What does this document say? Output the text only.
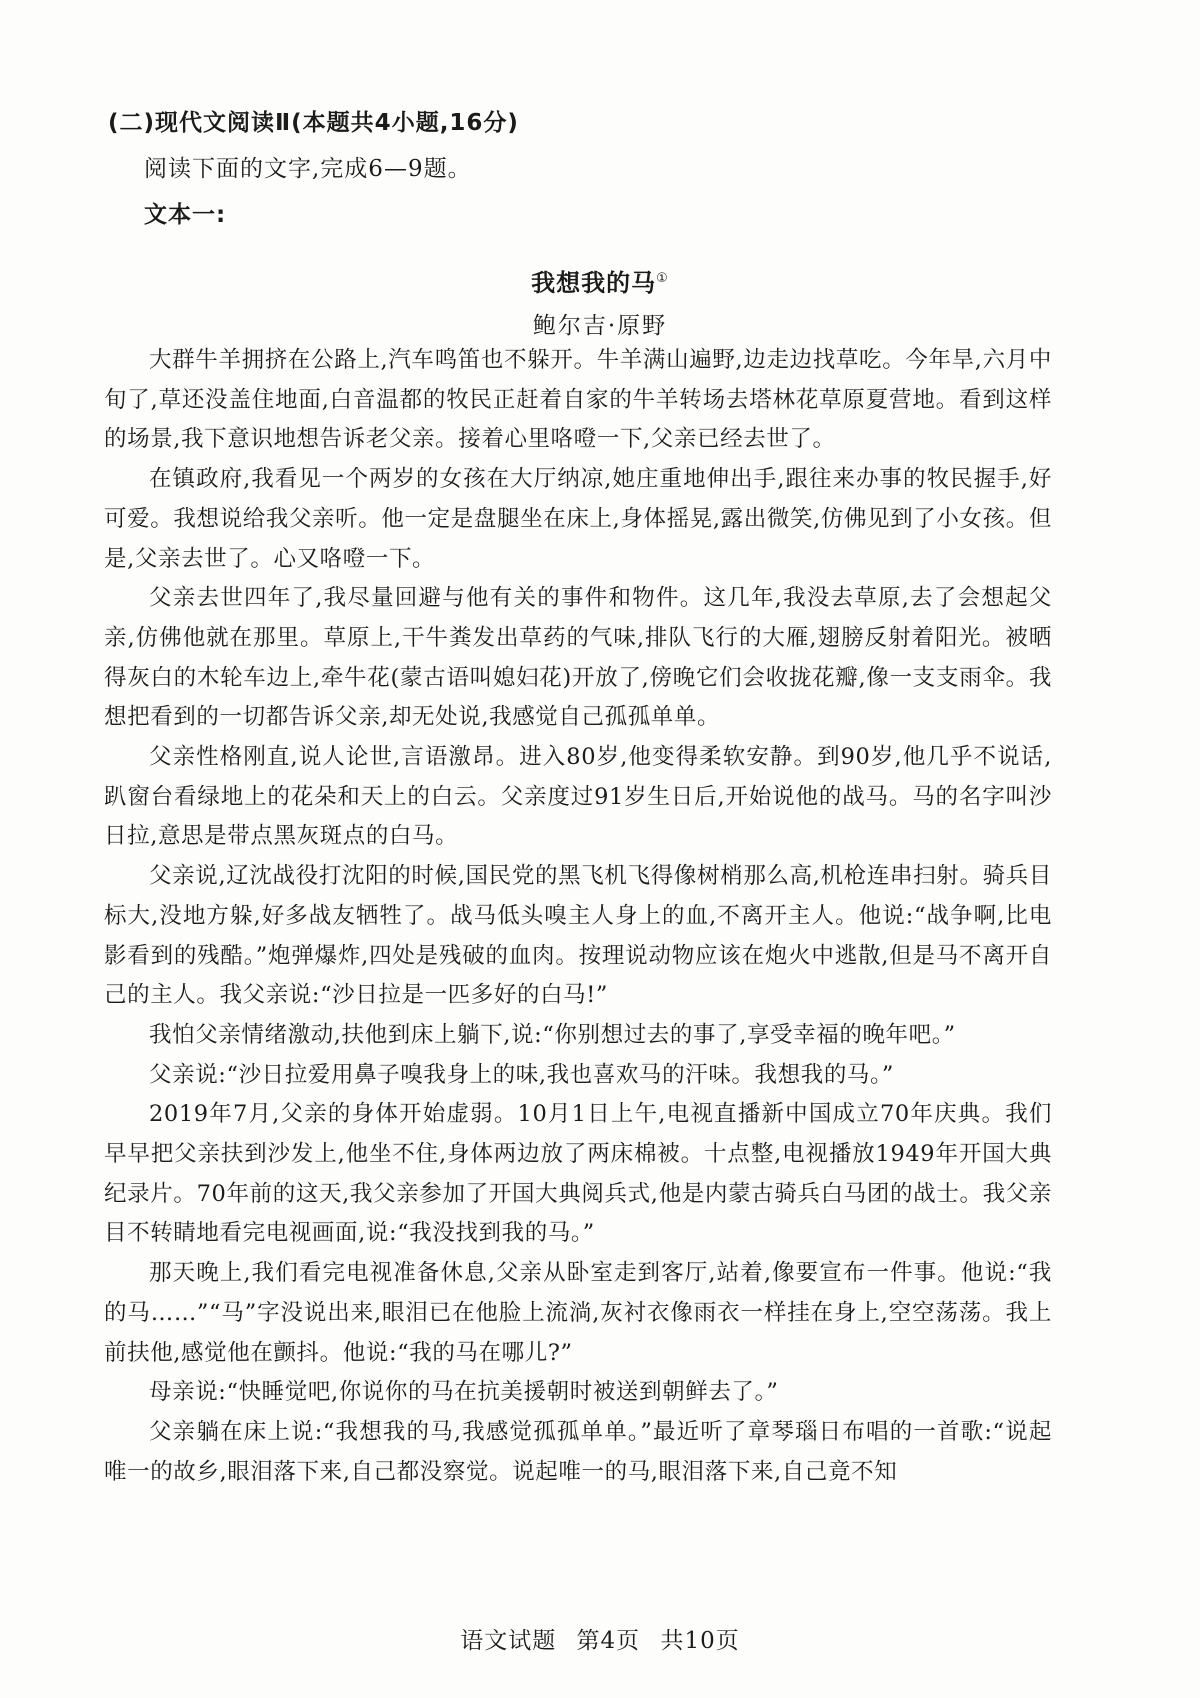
(二)现代文阅读Ⅱ(本题共4小题,16分)
阅读下面的文字,完成6—9题。
文本一:
我想我的马①
鲍尔吉·原野

大群牛羊拥挤在公路上,汽车鸣笛也不躲开。牛羊满山遍野,边走边找草吃。今年旱,六月中旬了,草还没盖住地面,白音温都的牧民正赶着自家的牛羊转场去塔林花草原夏营地。看到这样的场景,我下意识地想告诉老父亲。接着心里咯噔一下,父亲已经去世了。

在镇政府,我看见一个两岁的女孩在大厅纳凉,她庄重地伸出手,跟往来办事的牧民握手,好可爱。我想说给我父亲听。他一定是盘腿坐在床上,身体摇晃,露出微笑,仿佛见到了小女孩。但是,父亲去世了。心又咯噔一下。

父亲去世四年了,我尽量回避与他有关的事件和物件。这几年,我没去草原,去了会想起父亲,仿佛他就在那里。草原上,干牛粪发出草药的气味,排队飞行的大雁,翅膀反射着阳光。被晒得灰白的木轮车边上,牵牛花(蒙古语叫媳妇花)开放了,傍晚它们会收拢花瓣,像一支支雨伞。我想把看到的一切都告诉父亲,却无处说,我感觉自己孤孤单单。

父亲性格刚直,说人论世,言语激昂。进入80岁,他变得柔软安静。到90岁,他几乎不说话,趴窗台看绿地上的花朵和天上的白云。父亲度过91岁生日后,开始说他的战马。马的名字叫沙日拉,意思是带点黑灰斑点的白马。

父亲说,辽沈战役打沈阳的时候,国民党的黑飞机飞得像树梢那么高,机枪连串扫射。骑兵目标大,没地方躲,好多战友牺牲了。战马低头嗅主人身上的血,不离开主人。他说:“战争啊,比电影看到的残酷。”炮弹爆炸,四处是残破的血肉。按理说动物应该在炮火中逃散,但是马不离开自己的主人。我父亲说:“沙日拉是一匹多好的白马!”

我怕父亲情绪激动,扶他到床上躺下,说:“你别想过去的事了,享受幸福的晚年吧。”

父亲说:“沙日拉爱用鼻子嗅我身上的味,我也喜欢马的汗味。我想我的马。”

2019年7月,父亲的身体开始虚弱。10月1日上午,电视直播新中国成立70年庆典。我们早早把父亲扶到沙发上,他坐不住,身体两边放了两床棉被。十点整,电视播放1949年开国大典纪录片。70年前的这天,我父亲参加了开国大典阅兵式,他是内蒙古骑兵白马团的战士。我父亲目不转睛地看完电视画面,说:“我没找到我的马。”

那天晚上,我们看完电视准备休息,父亲从卧室走到客厅,站着,像要宣布一件事。他说:“我的马……”“马”字没说出来,眼泪已在他脸上流淌,灰衬衣像雨衣一样挂在身上,空空荡荡。我上前扶他,感觉他在颤抖。他说:“我的马在哪儿?”

母亲说:“快睡觉吧,你说你的马在抗美援朝时被送到朝鲜去了。”

父亲躺在床上说:“我想我的马,我感觉孤孤单单。”最近听了章琴瑙日布唱的一首歌:“说起唯一的故乡,眼泪落下来,自己都没察觉。说起唯一的马,眼泪落下来,自己竟不知

语文试题 第4页 共10页
